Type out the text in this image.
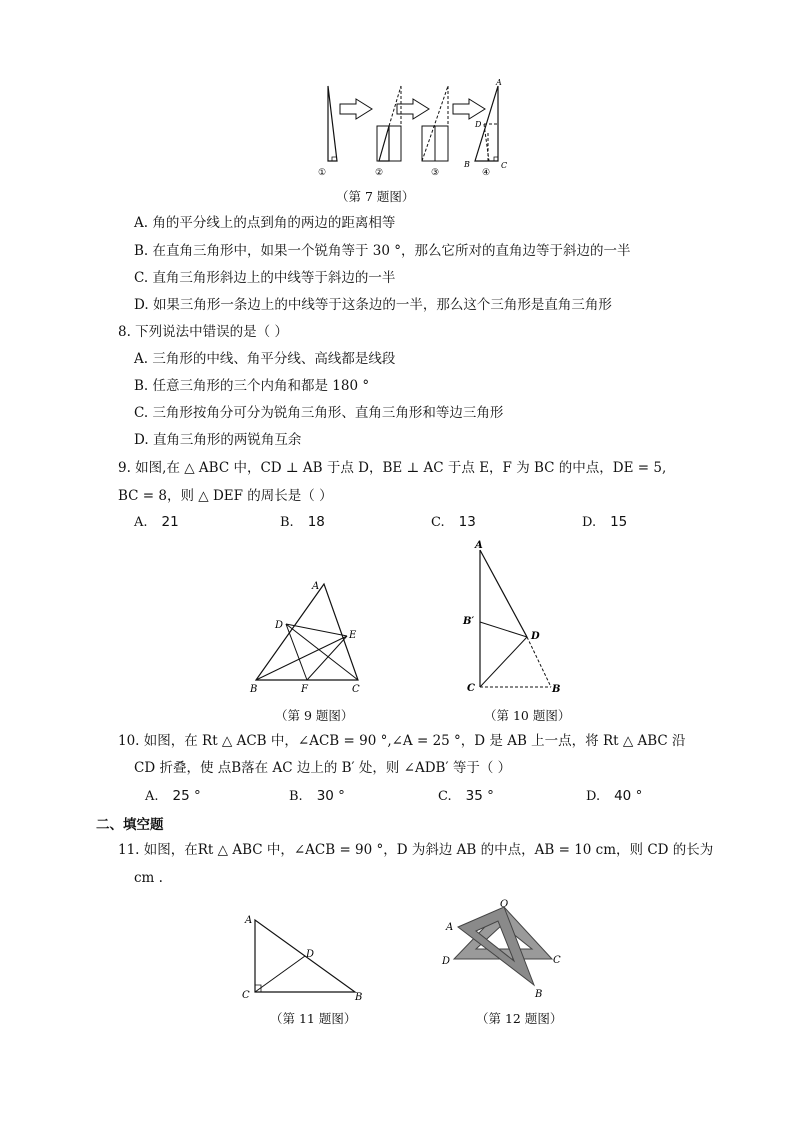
A
D
B	C
①	②	③	④
（第 7 题图）
A. 角的平分线上的点到角的两边的距离相等
B. 在直角三角形中，如果一个锐角等于 30 °，那么它所对的直角边等于斜边的一半
C. 直角三角形斜边上的中线等于斜边的一半
D. 如果三角形一条边上的中线等于这条边的一半，那么这个三角形是直角三角形
8. 下列说法中错误的是（ ）
A. 三角形的中线、角平分线、高线都是线段
B. 任意三角形的三个内角和都是 180 °
C. 三角形按角分可分为锐角三角形、直角三角形和等边三角形
D. 直角三角形的两锐角互余
9. 如图,在 △ ABC 中，CD ⊥ AB 于点 D，BE ⊥ AC 于点 E，F 为 BC 的中点，DE = 5,
BC = 8，则 △ DEF 的周长是（ ）
A. 21	B. 18	C. 13	D. 15
A
D
E
B	F	C
（第 9 题图）
A
B′
D
C	B
（第 10 题图）
10. 如图，在 Rt △ ACB 中，∠ACB = 90 °,∠A = 25 °，D 是 AB 上一点，将 Rt △ ABC 沿
CD 折叠，使 点B落在 AC 边上的 B′ 处，则 ∠ADB′ 等于（ ）
A. 25 °	B. 30 °	C. 35 °	D. 40 °
二、填空题
11. 如图，在Rt △ ABC 中，∠ACB = 90 °，D 为斜边 AB 的中点，AB = 10 cm，则 CD 的长为
cm .
A
D
C	B
（第 11 题图）
O
A
D	C
B
（第 12 题图）
